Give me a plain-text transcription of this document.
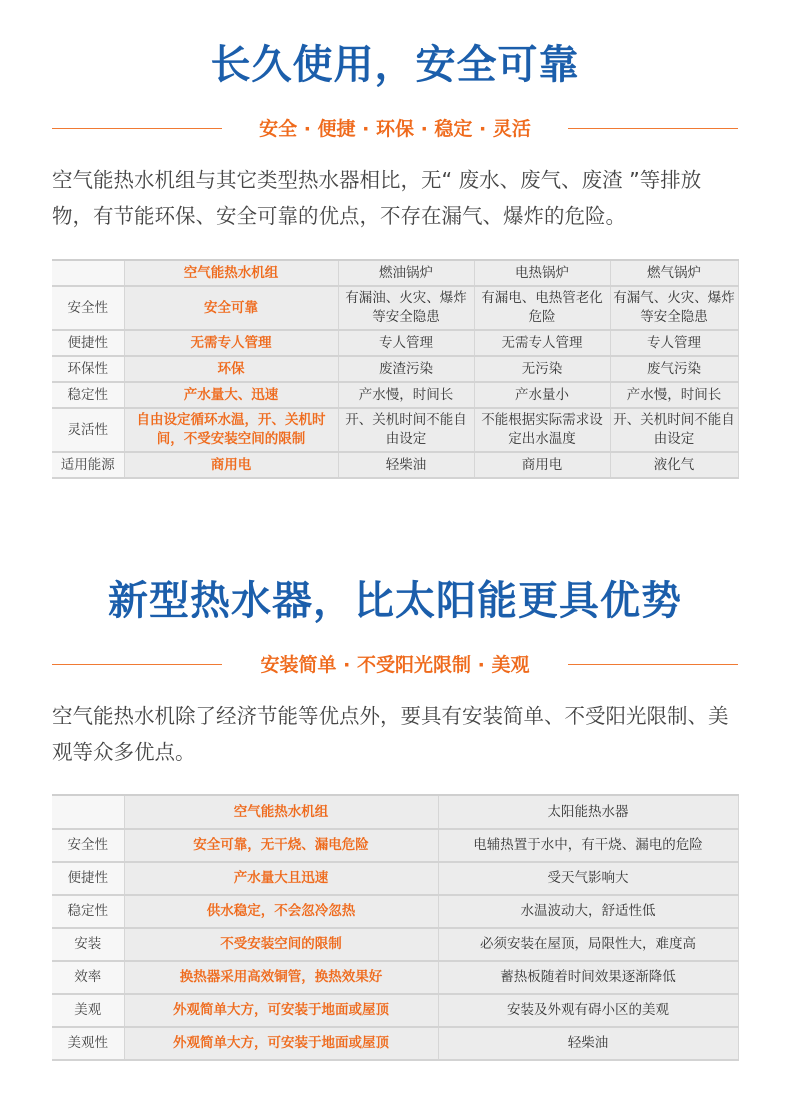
长久使用，安全可靠
安全 · 便捷 · 环保 · 稳定 · 灵活

空气能热水机组与其它类型热水器相比，无“ 废水、废气、废渣 ”等排放物，有节能环保、安全可靠的优点，不存在漏气、爆炸的危险。

	空气能热水机组	燃油锅炉	电热锅炉	燃气锅炉
安全性	安全可靠	有漏油、火灾、爆炸等安全隐患	有漏电、电热管老化危险	有漏气、火灾、爆炸等安全隐患
便捷性	无需专人管理	专人管理	无需专人管理	专人管理
环保性	环保	废渣污染	无污染	废气污染
稳定性	产水量大、迅速	产水慢，时间长	产水量小	产水慢，时间长
灵活性	自由设定循环水温，开、关机时间，不受安装空间的限制	开、关机时间不能自由设定	不能根据实际需求设定出水温度	开、关机时间不能自由设定
适用能源	商用电	轻柴油	商用电	液化气
新型热水器，比太阳能更具优势
安装简单 · 不受阳光限制 · 美观

空气能热水机除了经济节能等优点外，要具有安装简单、不受阳光限制、美观等众多优点。

	空气能热水机组	太阳能热水器
安全性	安全可靠，无干烧、漏电危险	电辅热置于水中，有干烧、漏电的危险
便捷性	产水量大且迅速	受天气影响大
稳定性	供水稳定，不会忽冷忽热	水温波动大，舒适性低
安装	不受安装空间的限制	必须安装在屋顶，局限性大，难度高
效率	换热器采用高效铜管，换热效果好	蓄热板随着时间效果逐渐降低
美观	外观简单大方，可安装于地面或屋顶	安装及外观有碍小区的美观
美观性	外观简单大方，可安装于地面或屋顶	轻柴油
